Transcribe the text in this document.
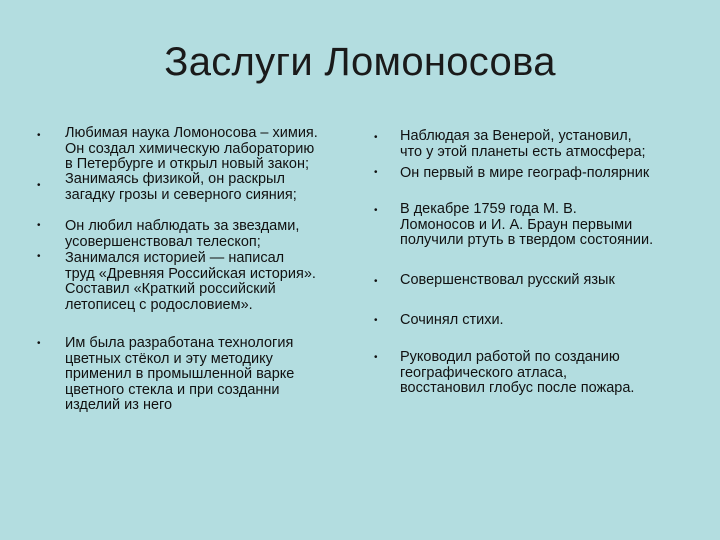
Заслуги Ломоносова
• Любимая наука Ломоносова – химия.
Он создал химическую лабораторию
в Петербурге и открыл новый закон;
• Занимаясь физикой, он раскрыл
загадку грозы и северного сияния;
• Он любил наблюдать за звездами,
усовершенствовал телескоп;
• Занимался историей — написал
труд «Древняя Российская история».
Составил «Краткий российский
летописец с родословием».
• Им была разработана технология
цветных стёкол и эту методику
применил в промышленной варке
цветного стекла и при созданни
изделий из него
• Наблюдая за Венерой, установил,
что у этой планеты есть атмосфера;
• Он первый в мире географ-полярник
• В декабре 1759 года М. В.
Ломоносов и И. А. Браун первыми
получили ртуть в твердом состоянии.
• Совершенствовал русский язык
• Сочинял стихи.
• Руководил работой по созданию
географического атласа,
восстановил глобус после пожара.
